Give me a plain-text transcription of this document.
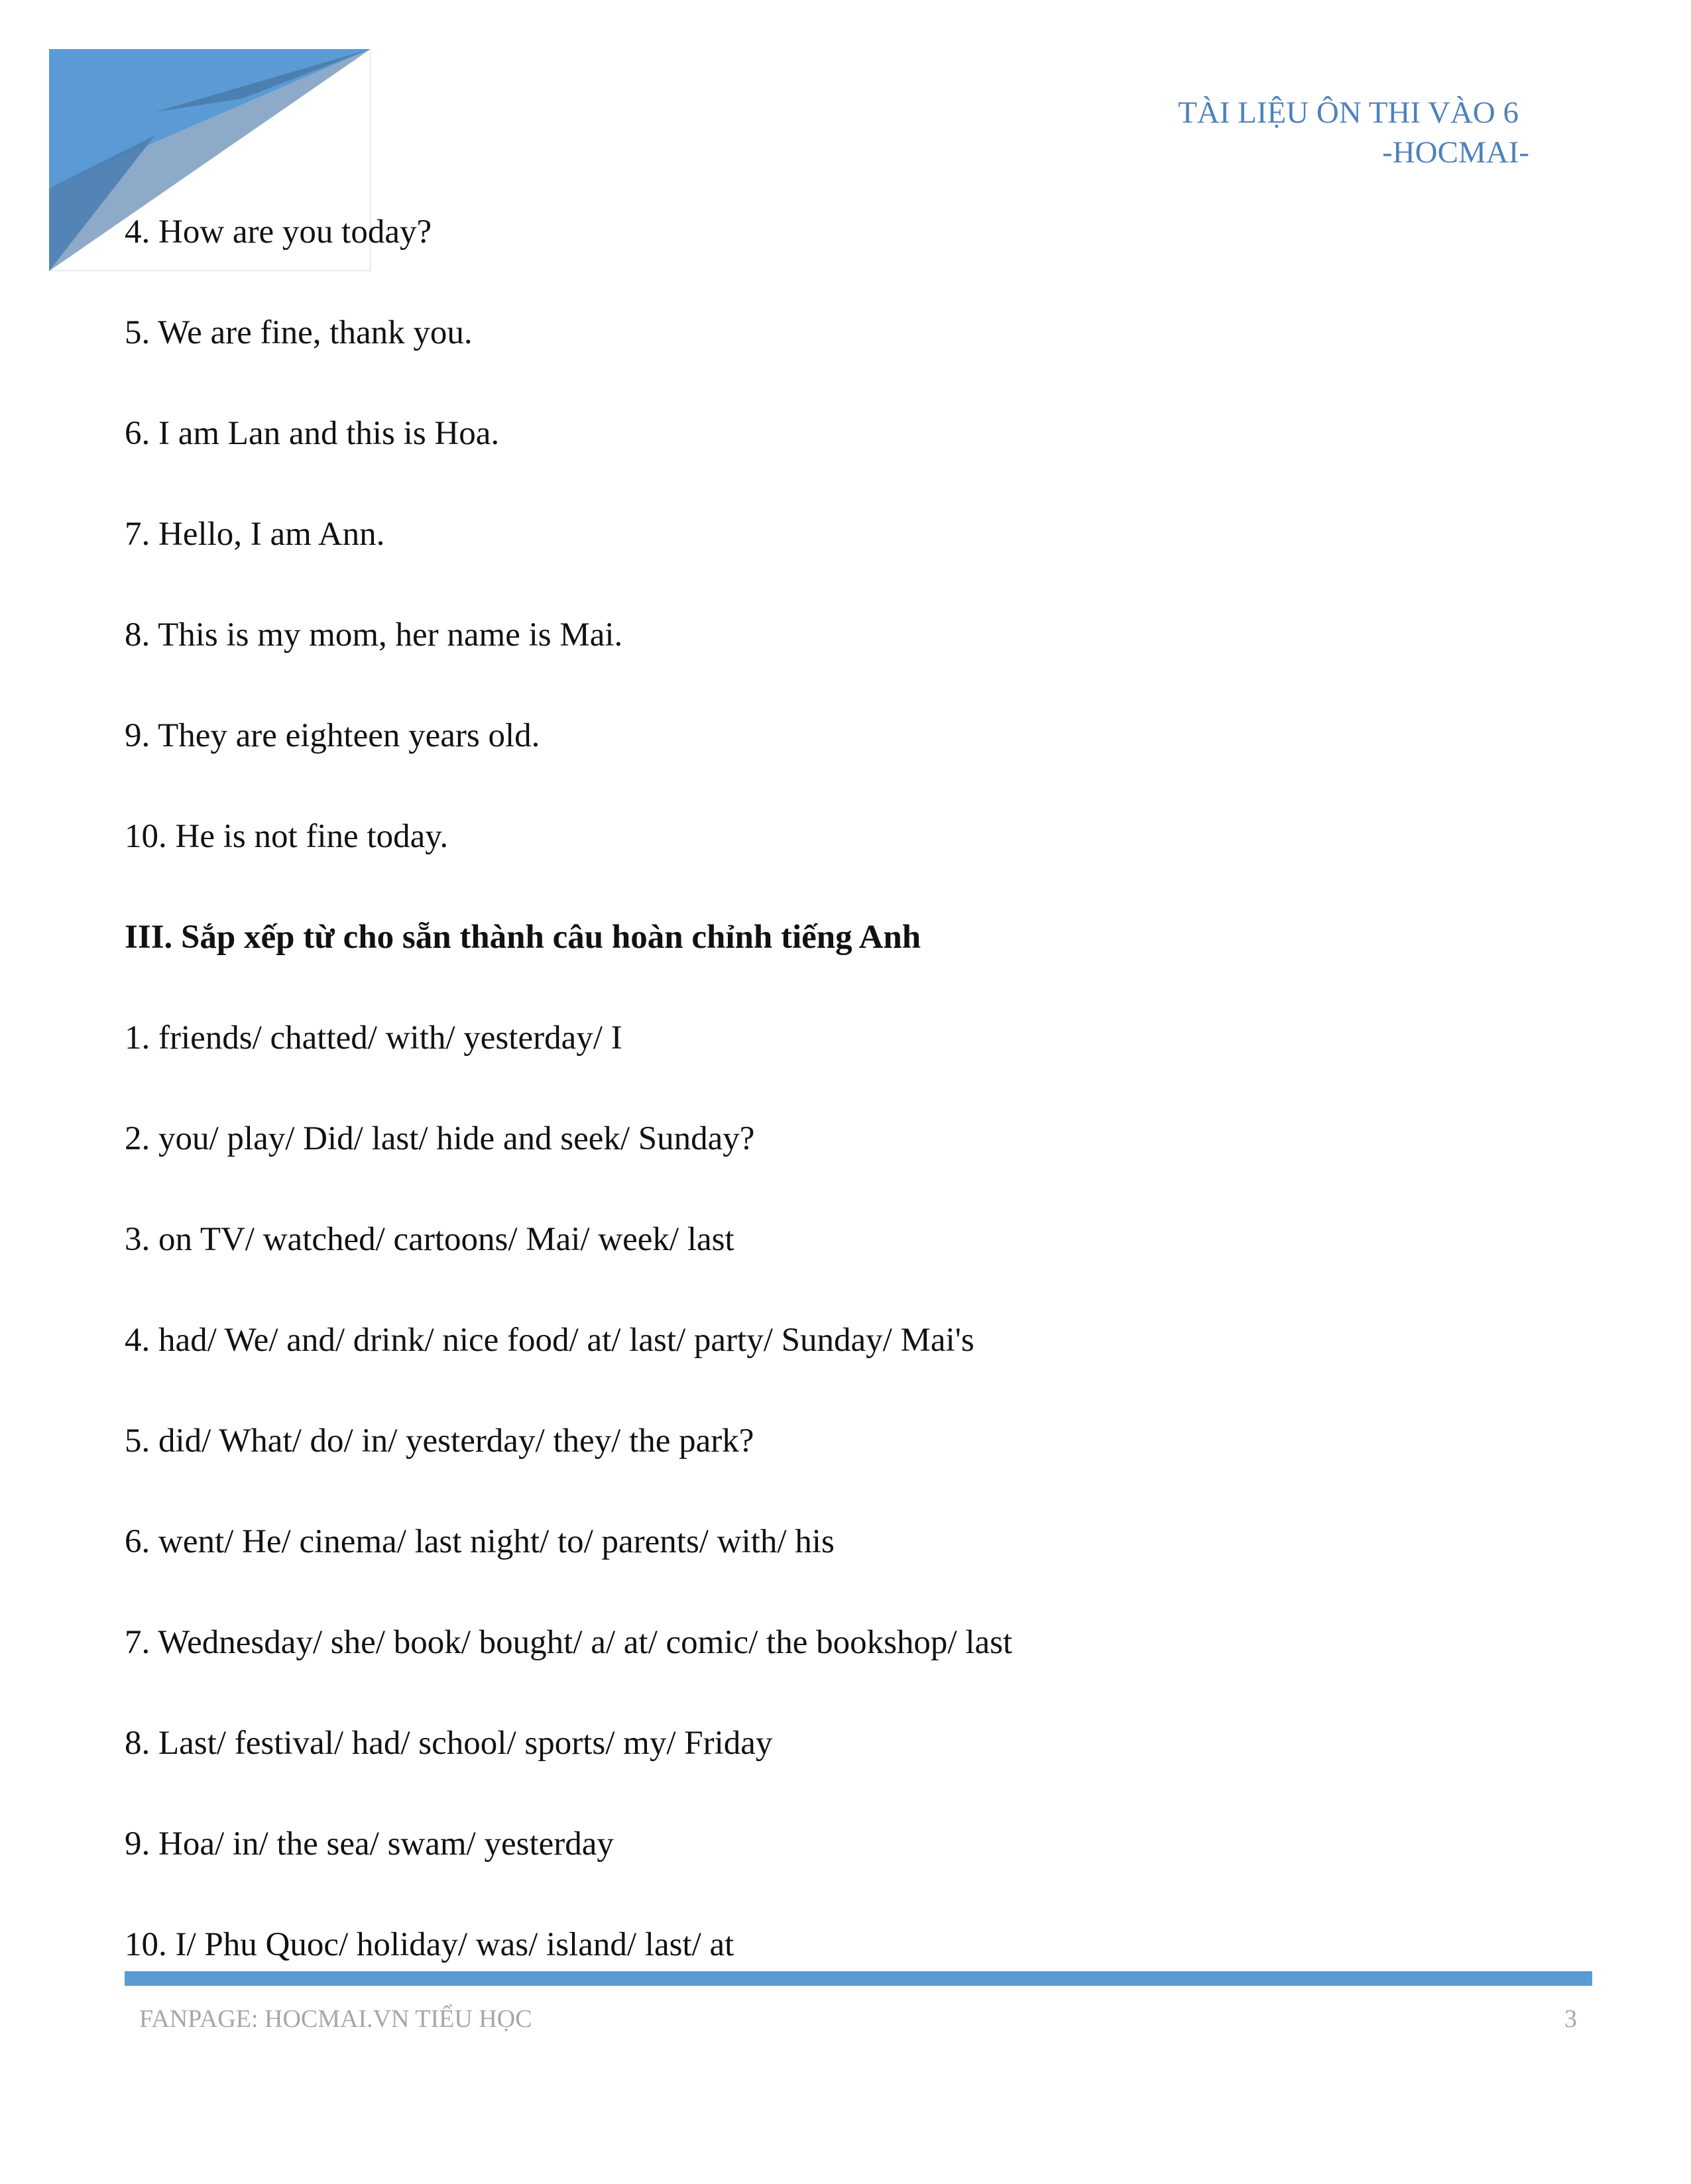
TÀI LIỆU ÔN THI VÀO 6
-HOCMAI-
4. How are you today?
5. We are fine, thank you.
6. I am Lan and this is Hoa.
7. Hello, I am Ann.
8. This is my mom, her name is Mai.
9. They are eighteen years old.
10. He is not fine today.
III. Sắp xếp từ cho sẵn thành câu hoàn chỉnh tiếng Anh
1. friends/ chatted/ with/ yesterday/ I
2. you/ play/ Did/ last/ hide and seek/ Sunday?
3. on TV/ watched/ cartoons/ Mai/ week/ last
4. had/ We/ and/ drink/ nice food/ at/ last/ party/ Sunday/ Mai's
5. did/ What/ do/ in/ yesterday/ they/ the park?
6. went/ He/ cinema/ last night/ to/ parents/ with/ his
7. Wednesday/ she/ book/ bought/ a/ at/ comic/ the bookshop/ last
8. Last/ festival/ had/ school/ sports/ my/ Friday
9. Hoa/ in/ the sea/ swam/ yesterday
10. I/ Phu Quoc/ holiday/ was/ island/ last/ at
FANPAGE: HOCMAI.VN TIỂU HỌC	3
